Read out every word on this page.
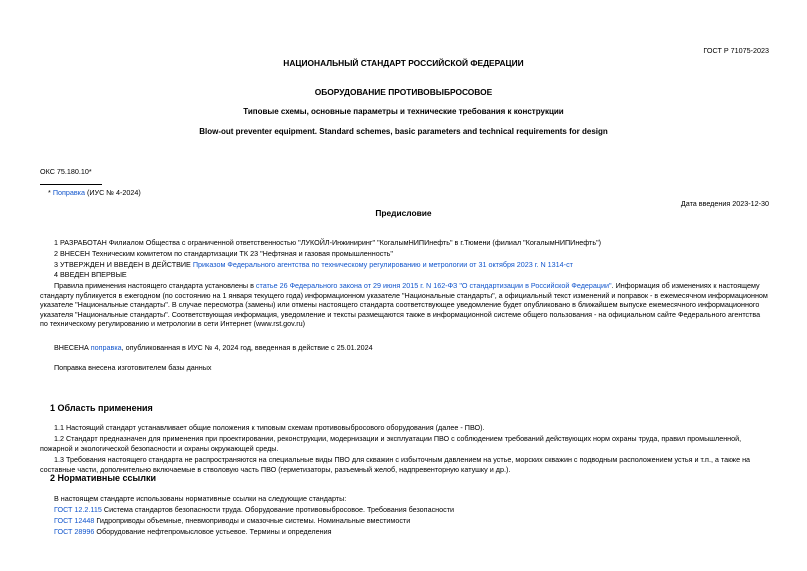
ГОСТ Р 71075-2023
НАЦИОНАЛЬНЫЙ СТАНДАРТ РОССИЙСКОЙ ФЕДЕРАЦИИ
ОБОРУДОВАНИЕ ПРОТИВОВЫБРОСОВОЕ
Типовые схемы, основные параметры и технические требования к конструкции
Blow-out preventer equipment. Standard schemes, basic parameters and technical requirements for design
ОКС 75.180.10*
* Поправка (ИУС № 4-2024)
Дата введения 2023-12-30
Предисловие
1 РАЗРАБОТАН Филиалом Общества с ограниченной ответственностью "ЛУКОЙЛ-Инжиниринг" "КогалымНИПИнефть" в г.Тюмени (филиал "КогалымНИПИнефть")
2 ВНЕСЕН Техническим комитетом по стандартизации ТК 23 "Нефтяная и газовая промышленность"
3 УТВЕРЖДЕН И ВВЕДЕН В ДЕЙСТВИЕ Приказом Федерального агентства по техническому регулированию и метрологии от 31 октября 2023 г. N 1314-ст
4 ВВЕДЕН ВПЕРВЫЕ
Правила применения настоящего стандарта установлены в статье 26 Федерального закона от 29 июня 2015 г. N 162-ФЗ "О стандартизации в Российской Федерации". Информация об изменениях к настоящему стандарту публикуется в ежегодном (по состоянию на 1 января текущего года) информационном указателе "Национальные стандарты", а официальный текст изменений и поправок - в ежемесячном информационном указателе "Национальные стандарты". В случае пересмотра (замены) или отмены настоящего стандарта соответствующее уведомление будет опубликовано в ближайшем выпуске ежемесячного информационного указателя "Национальные стандарты". Соответствующая информация, уведомление и тексты размещаются также в информационной системе общего пользования - на официальном сайте Федерального агентства по техническому регулированию и метрологии в сети Интернет (www.rst.gov.ru)
ВНЕСЕНА поправка, опубликованная в ИУС № 4, 2024 год, введенная в действие с 25.01.2024
Поправка внесена изготовителем базы данных
1 Область применения
1.1 Настоящий стандарт устанавливает общие положения к типовым схемам противовыбросового оборудования (далее - ПВО).
1.2 Стандарт предназначен для применения при проектировании, реконструкции, модернизации и эксплуатации ПВО с соблюдением требований действующих норм охраны труда, правил промышленной, пожарной и экологической безопасности и охраны окружающей среды.
1.3 Требования настоящего стандарта не распространяются на специальные виды ПВО для скважин с избыточным давлением на устье, морских скважин с подводным расположением устья и т.п., а также на составные части, дополнительно включаемые в стволовую часть ПВО (герметизаторы, разъемный желоб, надпревенторную катушку и др.).
2 Нормативные ссылки
В настоящем стандарте использованы нормативные ссылки на следующие стандарты:
ГОСТ 12.2.115 Система стандартов безопасности труда. Оборудование противовыбросовое. Требования безопасности
ГОСТ 12448 Гидроприводы объемные, пневмоприводы и смазочные системы. Номинальные вместимости
ГОСТ 28996 Оборудование нефтепромысловое устьевое. Термины и определения
